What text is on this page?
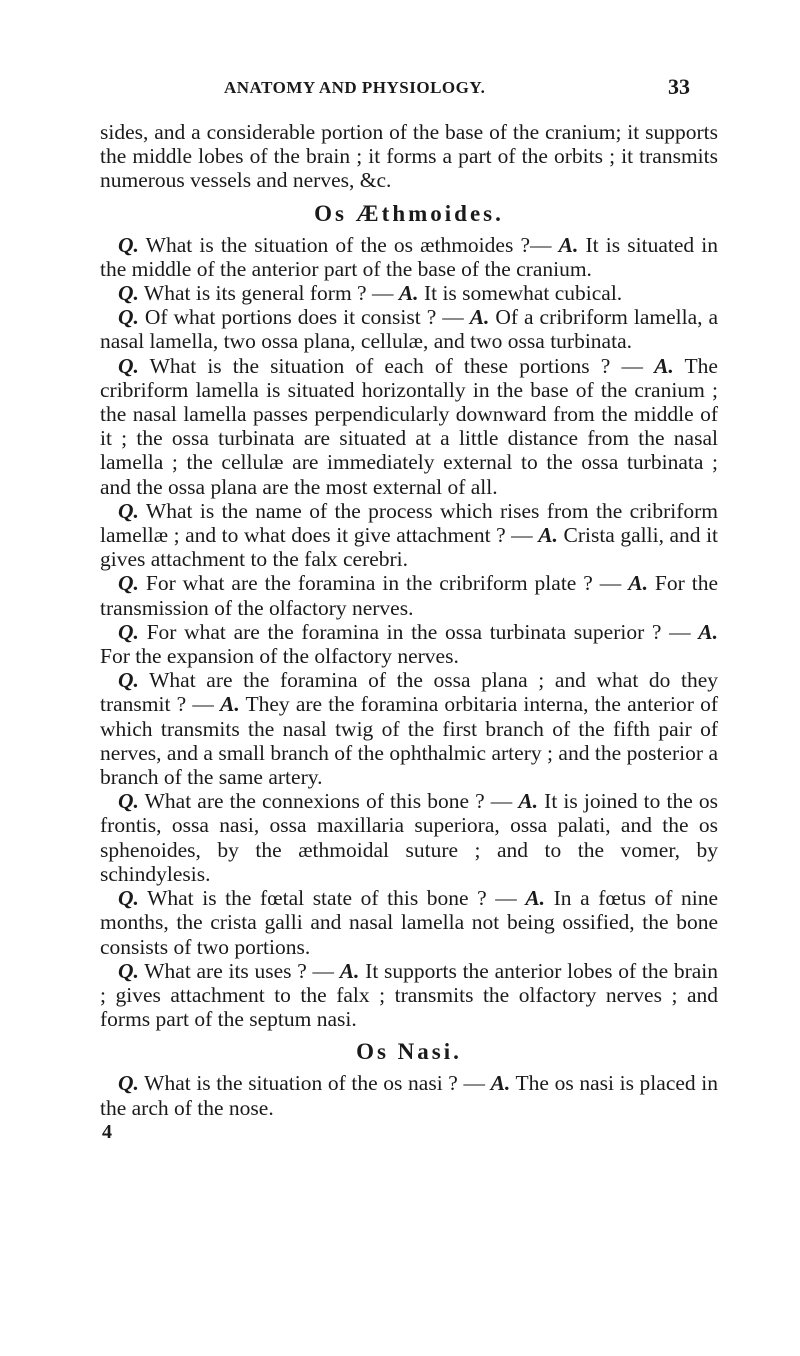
ANATOMY AND PHYSIOLOGY.	33

sides, and a considerable portion of the base of the cranium; it supports the middle lobes of the brain ; it forms a part of the orbits ; it transmits numerous vessels and nerves, &c.

Os Æthmoides.

Q. What is the situation of the os æthmoides ?— A. It is situated in the middle of the anterior part of the base of the cranium.

Q. What is its general form ? — A. It is somewhat cubical.

Q. Of what portions does it consist ? — A. Of a cribriform lamella, a nasal lamella, two ossa plana, cellulæ, and two ossa turbinata.

Q. What is the situation of each of these portions ? — A. The cribriform lamella is situated horizontally in the base of the cranium ; the nasal lamella passes perpendicularly downward from the middle of it ; the ossa turbinata are situated at a little distance from the nasal lamella ; the cellulæ are immediately external to the ossa turbinata ; and the ossa plana are the most external of all.

Q. What is the name of the process which rises from the cribriform lamellæ ; and to what does it give attachment ? — A. Crista galli, and it gives attachment to the falx cerebri.

Q. For what are the foramina in the cribriform plate ? — A. For the transmission of the olfactory nerves.

Q. For what are the foramina in the ossa turbinata superior ? — A. For the expansion of the olfactory nerves.

Q. What are the foramina of the ossa plana ; and what do they transmit ? — A. They are the foramina orbitaria interna, the anterior of which transmits the nasal twig of the first branch of the fifth pair of nerves, and a small branch of the ophthalmic artery ; and the posterior a branch of the same artery.

Q. What are the connexions of this bone ? — A. It is joined to the os frontis, ossa nasi, ossa maxillaria superiora, ossa palati, and the os sphenoides, by the æthmoidal suture ; and to the vomer, by schindylesis.

Q. What is the fœtal state of this bone ? — A. In a fœtus of nine months, the crista galli and nasal lamella not being ossified, the bone consists of two portions.

Q. What are its uses ? — A. It supports the anterior lobes of the brain ; gives attachment to the falx ; transmits the olfactory nerves ; and forms part of the septum nasi.

Os Nasi.

Q. What is the situation of the os nasi ? — A. The os nasi is placed in the arch of the nose.

4
